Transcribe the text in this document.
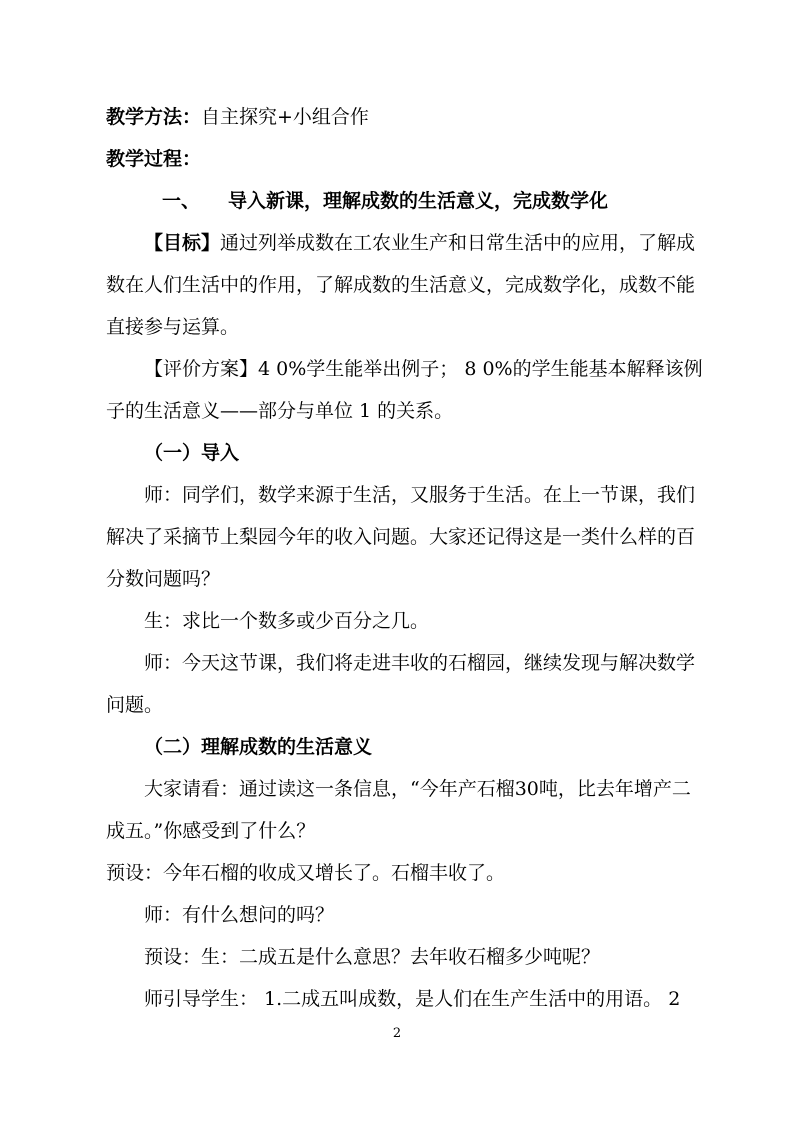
教学方法：自主探究+小组合作
教学过程：
一、 导入新课，理解成数的生活意义，完成数学化
【目标】通过列举成数在工农业生产和日常生活中的应用，了解成
数在人们生活中的作用，了解成数的生活意义，完成数学化，成数不能
直接参与运算。
【评价方案】4 0%学生能举出例子； 8 0%的学生能基本解释该例
子的生活意义——部分与单位 1 的关系。
（一）导入
师：同学们，数学来源于生活，又服务于生活。在上一节课，我们
解决了采摘节上梨园今年的收入问题。大家还记得这是一类什么样的百
分数问题吗？
生：求比一个数多或少百分之几。
师：今天这节课，我们将走进丰收的石榴园，继续发现与解决数学
问题。
（二）理解成数的生活意义
大家请看：通过读这一条信息，“今年产石榴30吨，比去年增产二
成五。”你感受到了什么？
预设：今年石榴的收成又增长了。石榴丰收了。
师：有什么想问的吗？
预设：生：二成五是什么意思？去年收石榴多少吨呢？
师引导学生： 1.二成五叫成数，是人们在生产生活中的用语。 2
2
